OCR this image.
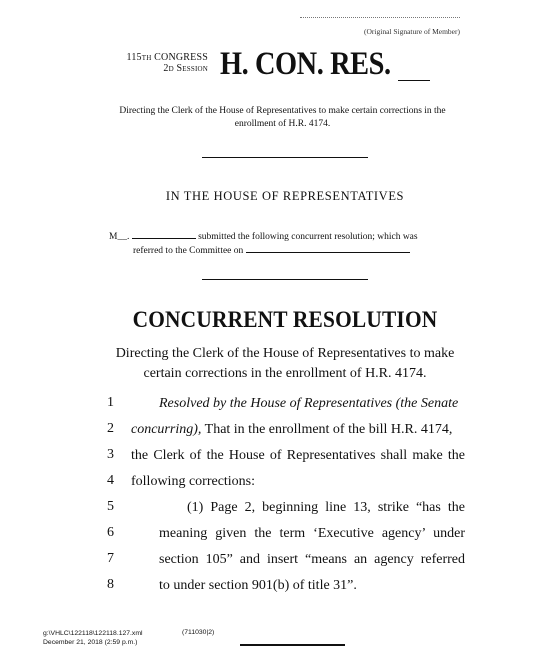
(Original Signature of Member)
115th CONGRESS
2d Session H. CON. RES.
Directing the Clerk of the House of Representatives to make certain corrections in the enrollment of H.R. 4174.
IN THE HOUSE OF REPRESENTATIVES
M__.	submitted the following concurrent resolution; which was
referred to the Committee on
CONCURRENT RESOLUTION
Directing the Clerk of the House of Representatives to make
certain corrections in the enrollment of H.R. 4174.
1	Resolved by the House of Representatives (the Senate
2	concurring), That in the enrollment of the bill H.R. 4174,
3	the Clerk of the House of Representatives shall make the
4	following corrections:
5	(1) Page 2, beginning line 13, strike “has the
6	meaning given the term ‘Executive agency’ under
7	section 105” and insert “means an agency referred
8	to under section 901(b) of title 31”.
g:\VHLC\122118\122118.127.xml
December 21, 2018 (2:59 p.m.)
(711030|2)
